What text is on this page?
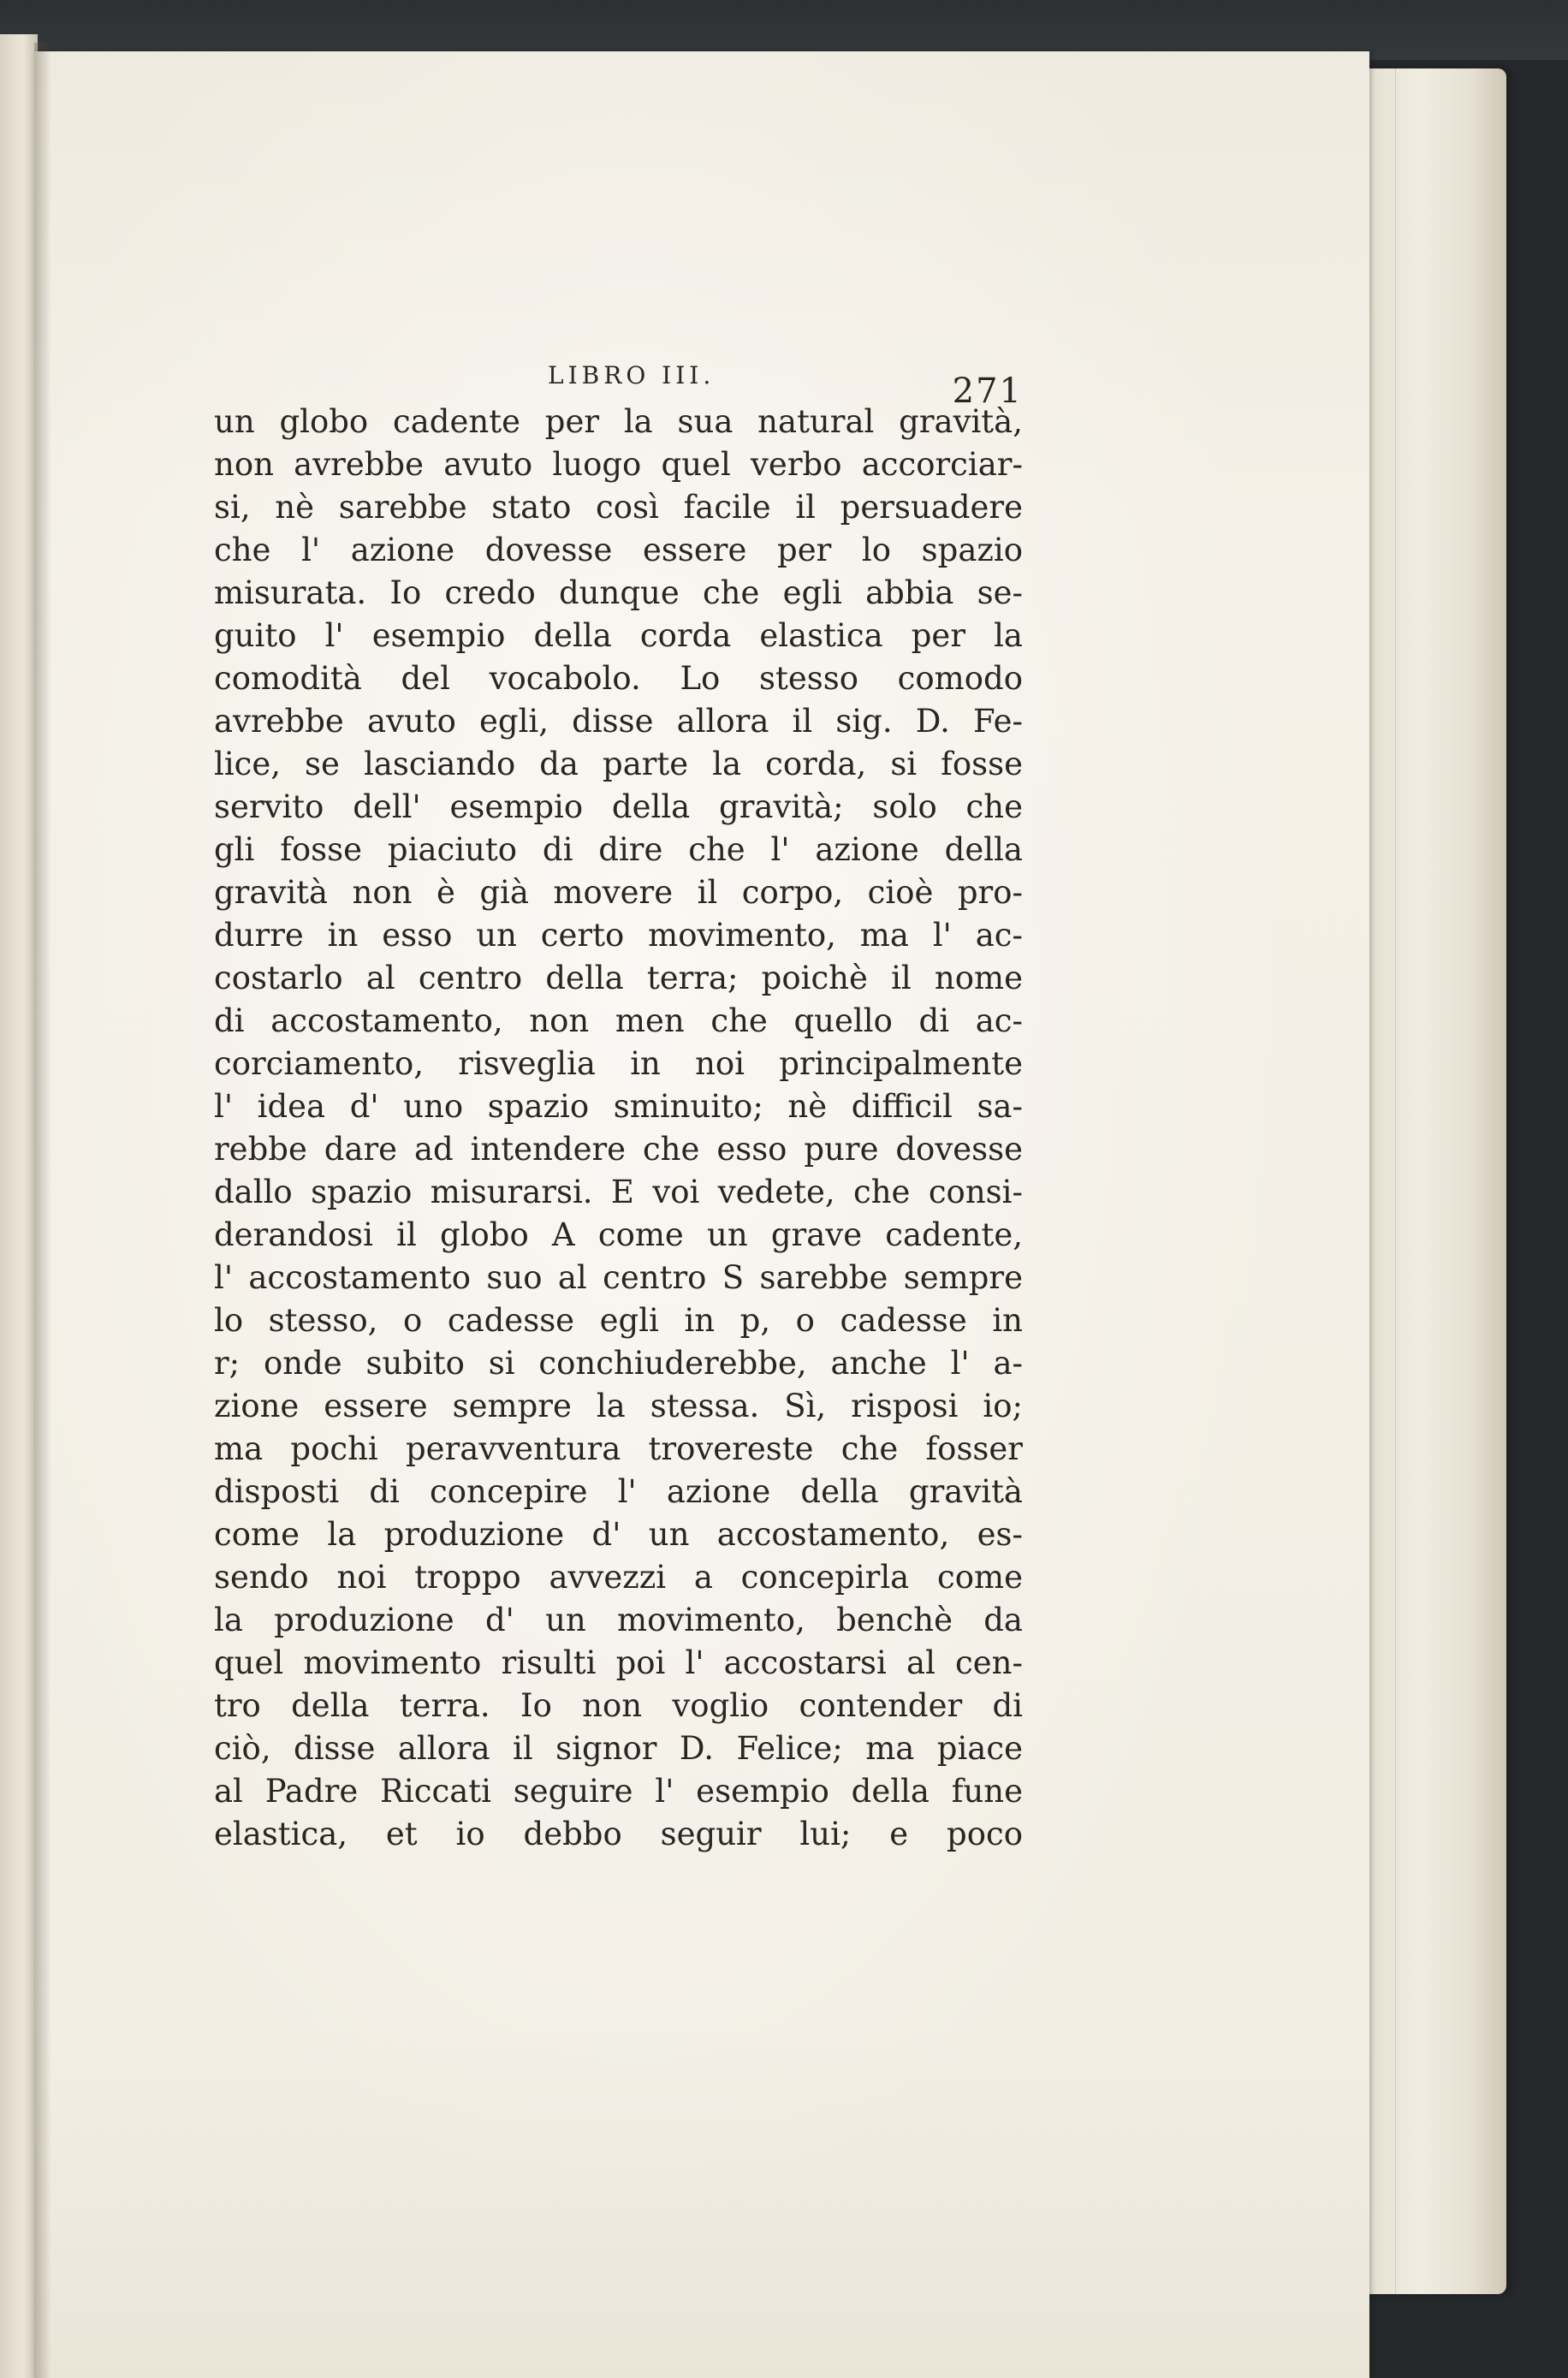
LIBRO III.	271
un globo cadente per la sua natural gravità,
non avrebbe avuto luogo quel verbo accorciar-
si, nè sarebbe stato così facile il persuadere
che l' azione dovesse essere per lo spazio
misurata. Io credo dunque che egli abbia se-
guito l' esempio della corda elastica per la
comodità del vocabolo. Lo stesso comodo
avrebbe avuto egli, disse allora il sig. D. Fe-
lice, se lasciando da parte la corda, si fosse
servito dell' esempio della gravità; solo che
gli fosse piaciuto di dire che l' azione della
gravità non è già movere il corpo, cioè pro-
durre in esso un certo movimento, ma l' ac-
costarlo al centro della terra; poichè il nome
di accostamento, non men che quello di ac-
corciamento, risveglia in noi principalmente
l' idea d' uno spazio sminuito; nè difficil sa-
rebbe dare ad intendere che esso pure dovesse
dallo spazio misurarsi. E voi vedete, che consi-
derandosi il globo A come un grave cadente,
l' accostamento suo al centro S sarebbe sempre
lo stesso, o cadesse egli in p, o cadesse in
r; onde subito si conchiuderebbe, anche l' a-
zione essere sempre la stessa. Sì, risposi io;
ma pochi peravventura trovereste che fosser
disposti di concepire l' azione della gravità
come la produzione d' un accostamento, es-
sendo noi troppo avvezzi a concepirla come
la produzione d' un movimento, benchè da
quel movimento risulti poi l' accostarsi al cen-
tro della terra. Io non voglio contender di
ciò, disse allora il signor D. Felice; ma piace
al Padre Riccati seguire l' esempio della fune
elastica, et io debbo seguir lui; e poco
